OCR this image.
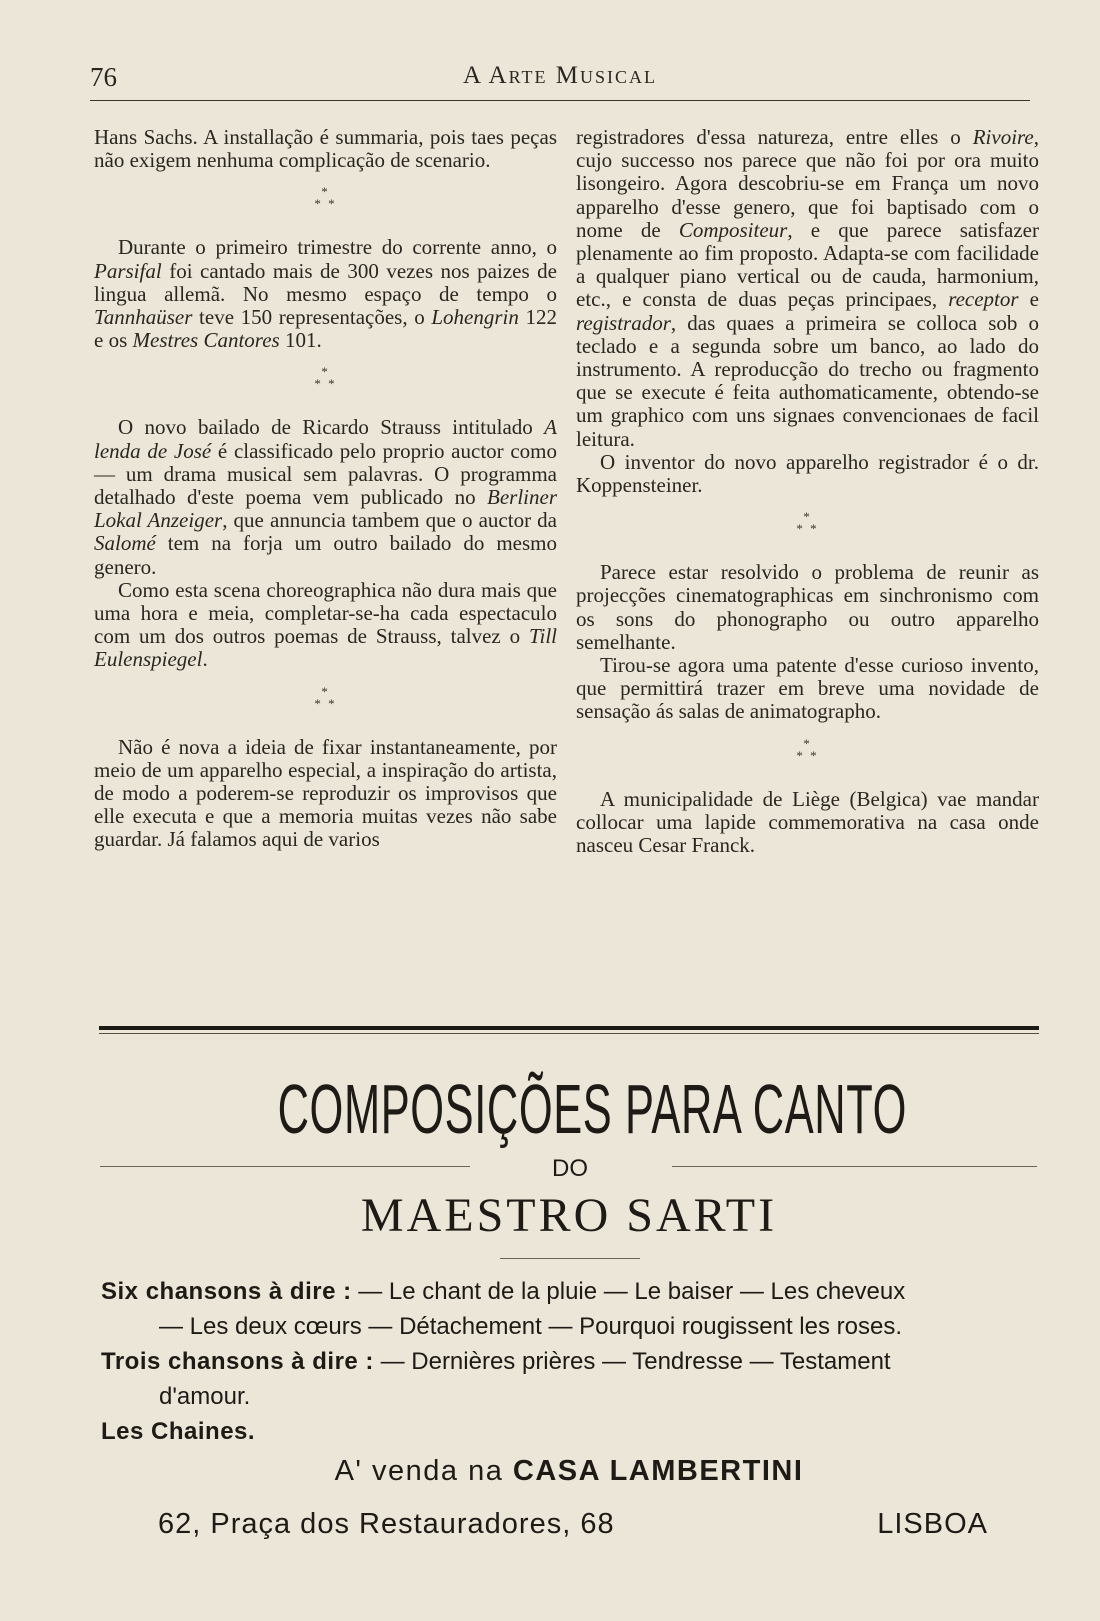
76	A Arte Musical

Hans Sachs. A installação é summaria, pois taes peças não exigem nenhuma complicação de scenario.

*
* *

Durante o primeiro trimestre do corrente anno, o Parsifal foi cantado mais de 300 vezes nos paizes de lingua allemã. No mesmo espaço de tempo o Tannhaüser teve 150 representações, o Lohengrin 122 e os Mestres Cantores 101.

*
* *

O novo bailado de Ricardo Strauss intitulado A lenda de José é classificado pelo proprio auctor como — um drama musical sem palavras. O programma detalhado d'este poema vem publicado no Berliner Lokal Anzeiger, que annuncia tambem que o auctor da Salomé tem na forja um outro bailado do mesmo genero.

Como esta scena choreographica não dura mais que uma hora e meia, completar-se-ha cada espectaculo com um dos outros poemas de Strauss, talvez o Till Eulenspiegel.

*
* *

Não é nova a ideia de fixar instantaneamente, por meio de um apparelho especial, a inspiração do artista, de modo a poderem-se reproduzir os improvisos que elle executa e que a memoria muitas vezes não sabe guardar. Já falamos aqui de varios

registradores d'essa natureza, entre elles o Rivoire, cujo successo nos parece que não foi por ora muito lisongeiro. Agora descobriu-se em França um novo apparelho d'esse genero, que foi baptisado com o nome de Compositeur, e que parece satisfazer plenamente ao fim proposto. Adapta-se com facilidade a qualquer piano vertical ou de cauda, harmonium, etc., e consta de duas peças principaes, receptor e registrador, das quaes a primeira se colloca sob o teclado e a segunda sobre um banco, ao lado do instrumento. A reproducção do trecho ou fragmento que se execute é feita authomaticamente, obtendo-se um graphico com uns signaes convencionaes de facil leitura.

O inventor do novo apparelho registrador é o dr. Koppensteiner.

*
* *

Parece estar resolvido o problema de reunir as projecções cinematographicas em sinchronismo com os sons do phonographo ou outro apparelho semelhante.

Tirou-se agora uma patente d'esse curioso invento, que permittirá trazer em breve uma novidade de sensação ás salas de animatographo.

*
* *

A municipalidade de Liège (Belgica) vae mandar collocar uma lapide commemorativa na casa onde nasceu Cesar Franck.

COMPOSIÇÕES PARA CANTO
DO
MAESTRO SARTI

Six chansons à dire : — Le chant de la pluie — Le baiser — Les cheveux

— Les deux cœurs — Détachement — Pourquoi rougissent les roses.

Trois chansons à dire : — Dernières prières — Tendresse — Testament

d'amour.

Les Chaines.

A' venda na CASA LAMBERTINI
62, Praça dos Restauradores, 68	LISBOA
